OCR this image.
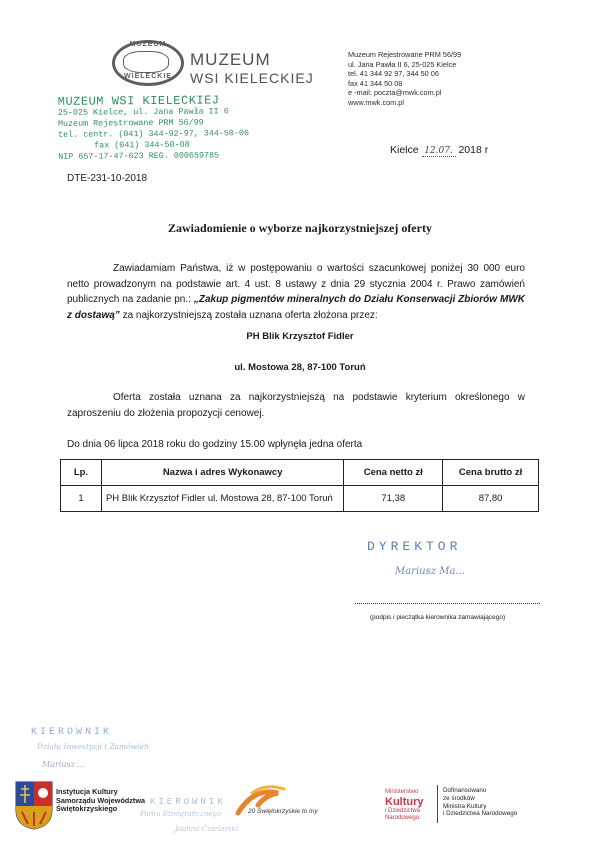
MUZEUM
WIELECKIE
MUZEUM
WSI KIELECKIEJ
Muzeum Rejestrowane PRM 56/99
ul. Jana Pawła II 6, 25-025 Kielce
tel. 41 344 92 97, 344 50 06
fax 41 344 50 08
e -mail: poczta@mwk.com.pl
www.mwk.com.pl
MUZEUM WSI KIELECKIEJ
25-025 Kielce, ul. Jana Pawła II 6
Muzeum Rejestrowane PRM 56/99
tel. centr. (041) 344-92-97, 344-50-06
fax (041) 344-50-08
NIP 657-17-47-623 REG. 000659785
Kielce 12.07. 2018 r
DTE-231-10-2018
Zawiadomienie o wyborze najkorzystniejszej oferty
Zawiadamiam Państwa, iż w postępowaniu o wartości szacunkowej poniżej 30 000 euro netto prowadzonym na podstawie art. 4 ust. 8 ustawy z dnia 29 stycznia 2004 r. Prawo zamówień publicznych na zadanie pn.: „Zakup pigmentów mineralnych do Działu Konserwacji Zbiorów MWK z dostawą” za najkorzystniejszą została uznana oferta złożona przez:
PH Blik Krzysztof Fidler
ul. Mostowa 28, 87-100 Toruń
Oferta została uznana za najkorzystniejszą na podstawie kryterium określonego w zaproszeniu do złożenia propozycji cenowej.
Do dnia 06 lipca 2018 roku do godziny 15.00 wpłynęła jedna oferta
Lp.	Nazwa i adres Wykonawcy	Cena netto zł	Cena brutto zł
1	PH Blik Krzysztof Fidler ul. Mostowa 28, 87-100 Toruń	71,38	87,80
DYREKTOR
Mariusz Ma...
(podpis i pieczątka kierownika zamawiającego)
KIEROWNIK
Działu Inwestycji i Zamówień
Mariusz ...
KIEROWNIK
Parku Etnograficznego
Joanna Czarlarski
Instytucja Kultury
Samorządu Województwa
Świętokrzyskiego	20 Świętokrzyskie to my
Ministerstwo
Kultury
i Dziedzictwa
Narodowego.
Dofinansowano
ze środków
Ministra Kultury
i Dziedzictwa Narodowego
